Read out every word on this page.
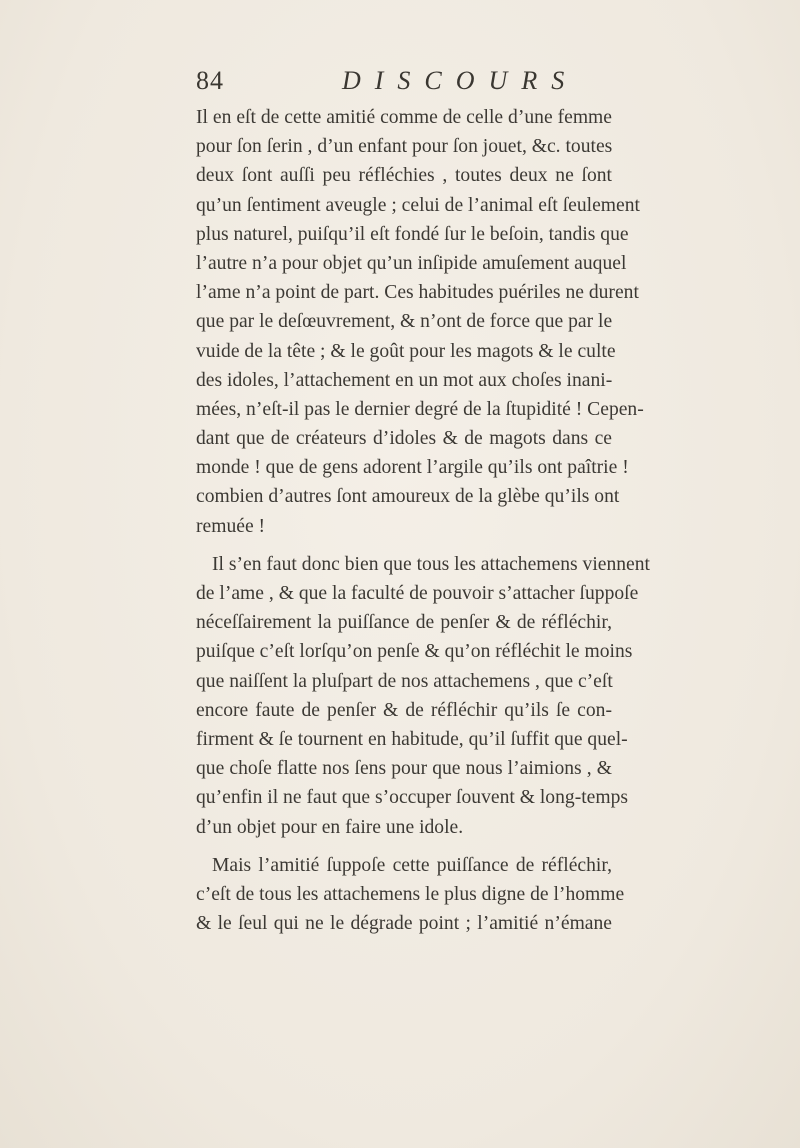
84	DISCOURS
Il en eſt de cette amitié comme de celle d’une femme
pour ſon ſerin , d’un enfant pour ſon jouet, &c. toutes
deux ſont auſſi peu réfléchies , toutes deux ne ſont
qu’un ſentiment aveugle ; celui de l’animal eſt ſeulement
plus naturel, puiſqu’il eſt fondé ſur le beſoin, tandis que
l’autre n’a pour objet qu’un inſipide amuſement auquel
l’ame n’a point de part. Ces habitudes puériles ne durent
que par le deſœuvrement, & n’ont de force que par le
vuide de la tête ; & le goût pour les magots & le culte
des idoles, l’attachement en un mot aux choſes inani-
mées, n’eſt-il pas le dernier degré de la ſtupidité ! Cepen-
dant que de créateurs d’idoles & de magots dans ce
monde ! que de gens adorent l’argile qu’ils ont paîtrie !
combien d’autres ſont amoureux de la glèbe qu’ils ont
remuée !
Il s’en faut donc bien que tous les attachemens viennent
de l’ame , & que la faculté de pouvoir s’attacher ſuppoſe
néceſſairement la puiſſance de penſer & de réfléchir,
puiſque c’eſt lorſqu’on penſe & qu’on réfléchit le moins
que naiſſent la pluſpart de nos attachemens , que c’eſt
encore faute de penſer & de réfléchir qu’ils ſe con-
firment & ſe tournent en habitude, qu’il ſuffit que quel-
que choſe flatte nos ſens pour que nous l’aimions , &
qu’enfin il ne faut que s’occuper ſouvent & long-temps
d’un objet pour en faire une idole.
Mais l’amitié ſuppoſe cette puiſſance de réfléchir,
c’eſt de tous les attachemens le plus digne de l’homme
& le ſeul qui ne le dégrade point ; l’amitié n’émane
